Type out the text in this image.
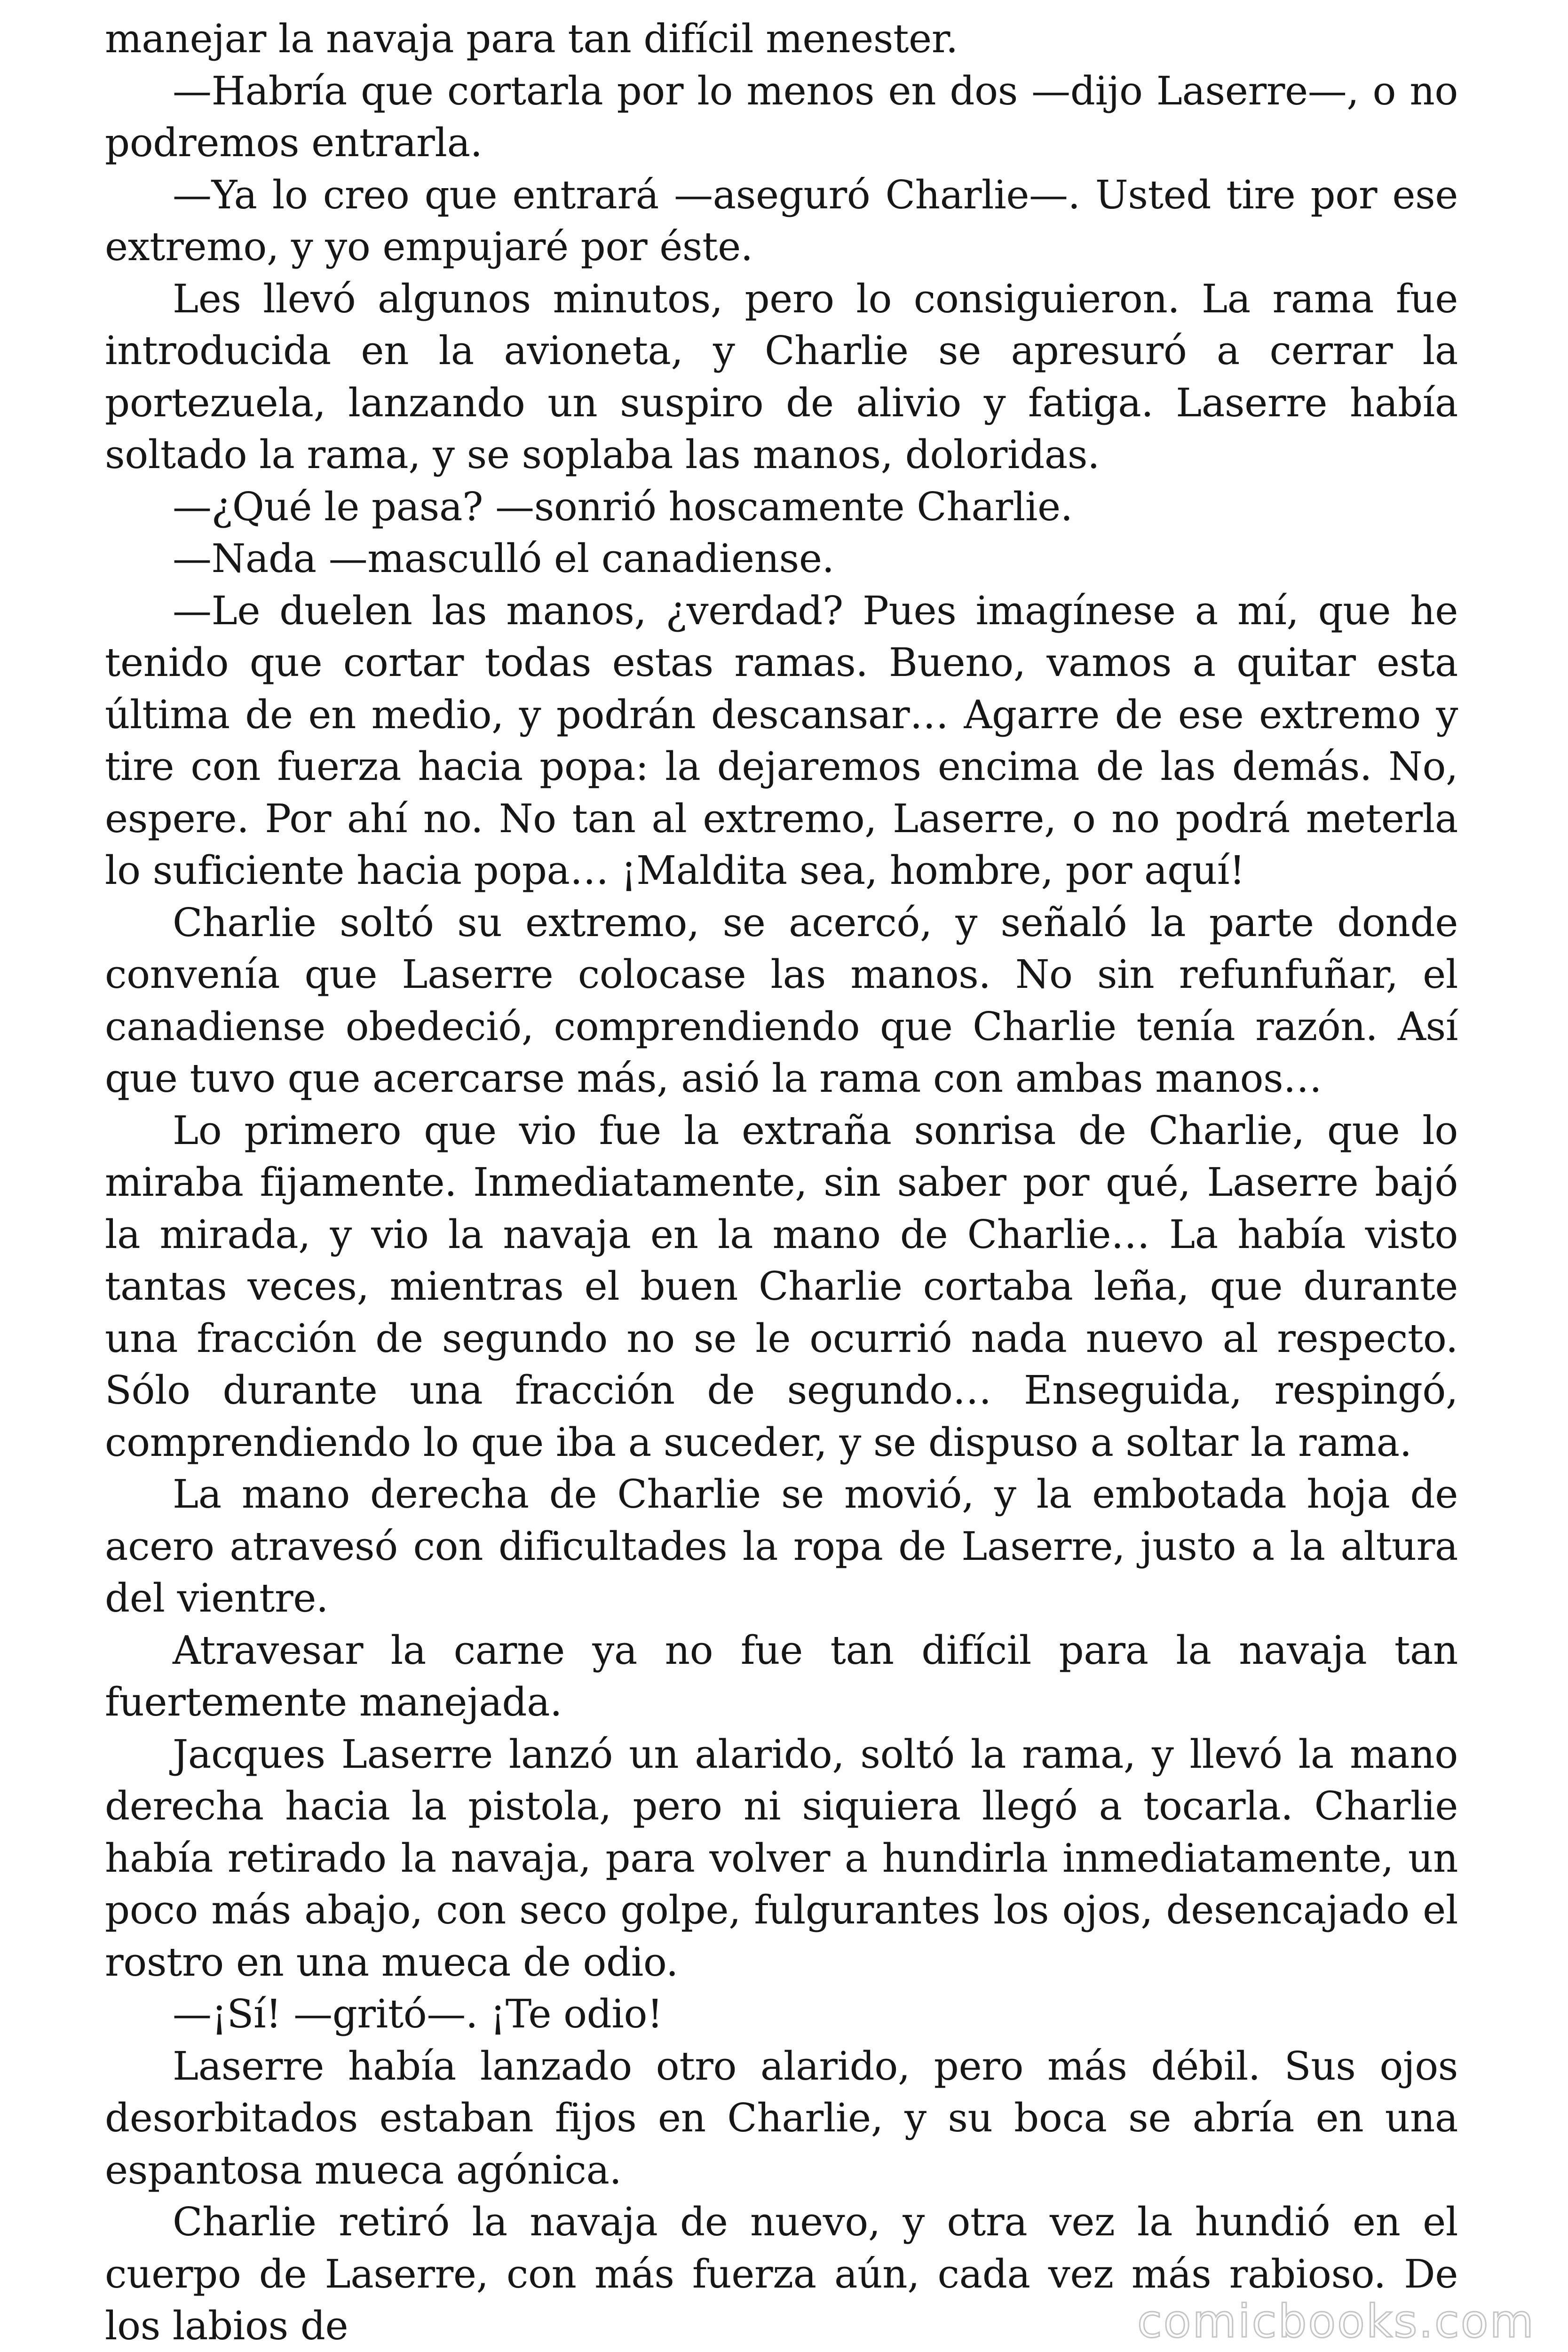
manejar la navaja para tan difícil menester.

—Habría que cortarla por lo menos en dos —dijo Laserre—, o no podremos entrarla.

—Ya lo creo que entrará —aseguró Charlie—. Usted tire por ese extremo, y yo empujaré por éste.

Les llevó algunos minutos, pero lo consiguieron. La rama fue introducida en la avioneta, y Charlie se apresuró a cerrar la portezuela, lanzando un suspiro de alivio y fatiga. Laserre había soltado la rama, y se soplaba las manos, doloridas.

—¿Qué le pasa? —sonrió hoscamente Charlie.

—Nada —masculló el canadiense.

—Le duelen las manos, ¿verdad? Pues imagínese a mí, que he tenido que cortar todas estas ramas. Bueno, vamos a quitar esta última de en medio, y podrán descansar… Agarre de ese extremo y tire con fuerza hacia popa: la dejaremos encima de las demás. No, espere. Por ahí no. No tan al extremo, Laserre, o no podrá meterla lo suficiente hacia popa… ¡Maldita sea, hombre, por aquí!

Charlie soltó su extremo, se acercó, y señaló la parte donde convenía que Laserre colocase las manos. No sin refunfuñar, el canadiense obedeció, comprendiendo que Charlie tenía razón. Así que tuvo que acercarse más, asió la rama con ambas manos…

Lo primero que vio fue la extraña sonrisa de Charlie, que lo miraba fijamente. Inmediatamente, sin saber por qué, Laserre bajó la mirada, y vio la navaja en la mano de Charlie… La había visto tantas veces, mientras el buen Charlie cortaba leña, que durante una fracción de segundo no se le ocurrió nada nuevo al respecto. Sólo durante una fracción de segundo… Enseguida, respingó, comprendiendo lo que iba a suceder, y se dispuso a soltar la rama.

La mano derecha de Charlie se movió, y la embotada hoja de acero atravesó con dificultades la ropa de Laserre, justo a la altura del vientre.

Atravesar la carne ya no fue tan difícil para la navaja tan fuertemente manejada.

Jacques Laserre lanzó un alarido, soltó la rama, y llevó la mano derecha hacia la pistola, pero ni siquiera llegó a tocarla. Charlie había retirado la navaja, para volver a hundirla inmediatamente, un poco más abajo, con seco golpe, fulgurantes los ojos, desencajado el rostro en una mueca de odio.

—¡Sí! —gritó—. ¡Te odio!

Laserre había lanzado otro alarido, pero más débil. Sus ojos desorbitados estaban fijos en Charlie, y su boca se abría en una espantosa mueca agónica.

Charlie retiró la navaja de nuevo, y otra vez la hundió en el cuerpo de Laserre, con más fuerza aún, cada vez más rabioso. De los labios de	comicbooks.com
